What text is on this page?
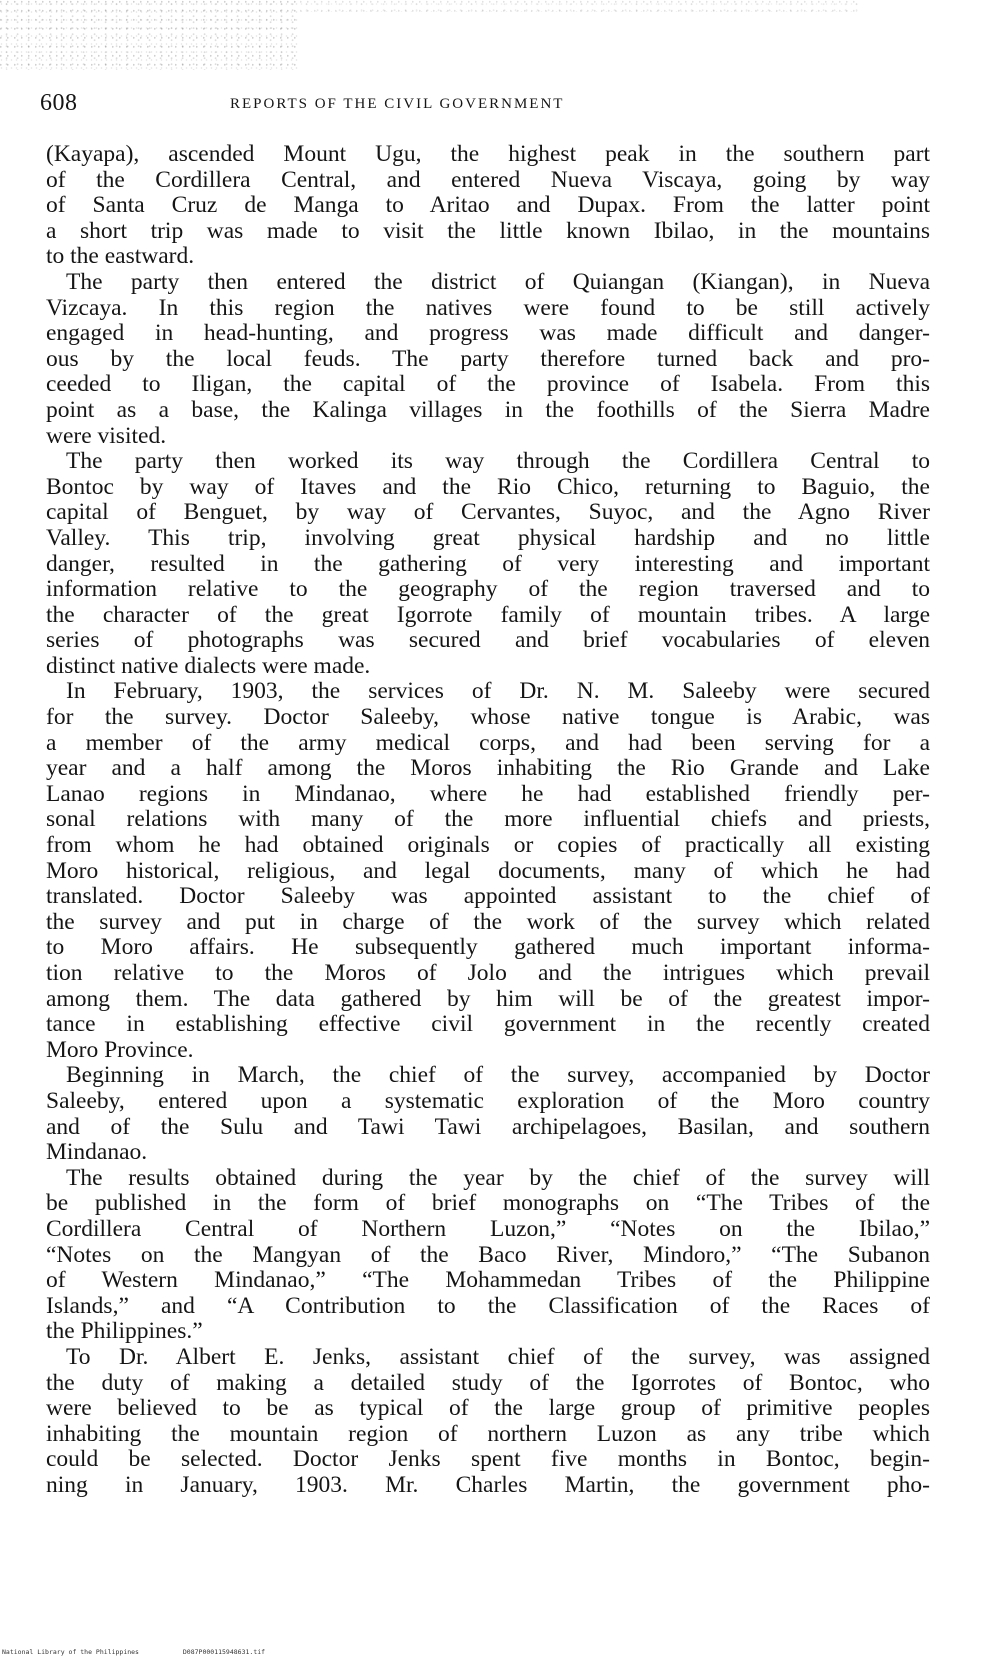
608	REPORTS OF THE CIVIL GOVERNMENT
(Kayapa), ascended Mount Ugu, the highest peak in the southern part
of the Cordillera Central, and entered Nueva Viscaya, going by way
of Santa Cruz de Manga to Aritao and Dupax. From the latter point
a short trip was made to visit the little known Ibilao, in the mountains
to the eastward.
The party then entered the district of Quiangan (Kiangan), in Nueva
Vizcaya. In this region the natives were found to be still actively
engaged in head-hunting, and progress was made difficult and danger-
ous by the local feuds. The party therefore turned back and pro-
ceeded to Iligan, the capital of the province of Isabela. From this
point as a base, the Kalinga villages in the foothills of the Sierra Madre
were visited.
The party then worked its way through the Cordillera Central to
Bontoc by way of Itaves and the Rio Chico, returning to Baguio, the
capital of Benguet, by way of Cervantes, Suyoc, and the Agno River
Valley. This trip, involving great physical hardship and no little
danger, resulted in the gathering of very interesting and important
information relative to the geography of the region traversed and to
the character of the great Igorrote family of mountain tribes. A large
series of photographs was secured and brief vocabularies of eleven
distinct native dialects were made.
In February, 1903, the services of Dr. N. M. Saleeby were secured
for the survey. Doctor Saleeby, whose native tongue is Arabic, was
a member of the army medical corps, and had been serving for a
year and a half among the Moros inhabiting the Rio Grande and Lake
Lanao regions in Mindanao, where he had established friendly per-
sonal relations with many of the more influential chiefs and priests,
from whom he had obtained originals or copies of practically all existing
Moro historical, religious, and legal documents, many of which he had
translated. Doctor Saleeby was appointed assistant to the chief of
the survey and put in charge of the work of the survey which related
to Moro affairs. He subsequently gathered much important informa-
tion relative to the Moros of Jolo and the intrigues which prevail
among them. The data gathered by him will be of the greatest impor-
tance in establishing effective civil government in the recently created
Moro Province.
Beginning in March, the chief of the survey, accompanied by Doctor
Saleeby, entered upon a systematic exploration of the Moro country
and of the Sulu and Tawi Tawi archipelagoes, Basilan, and southern
Mindanao.
The results obtained during the year by the chief of the survey will
be published in the form of brief monographs on “The Tribes of the
Cordillera Central of Northern Luzon,” “Notes on the Ibilao,”
“Notes on the Mangyan of the Baco River, Mindoro,” “The Subanon
of Western Mindanao,” “The Mohammedan Tribes of the Philippine
Islands,” and “A Contribution to the Classification of the Races of
the Philippines.”
To Dr. Albert E. Jenks, assistant chief of the survey, was assigned
the duty of making a detailed study of the Igorrotes of Bontoc, who
were believed to be as typical of the large group of primitive peoples
inhabiting the mountain region of northern Luzon as any tribe which
could be selected. Doctor Jenks spent five months in Bontoc, begin-
ning in January, 1903. Mr. Charles Martin, the government pho-
National Library of the Philippines	D087P000115948631.tif
